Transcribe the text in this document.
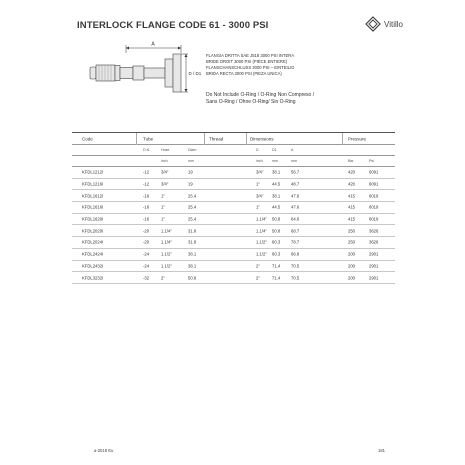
INTERLOCK FLANGE CODE 61 - 3000 PSI	Vitillo
A
D / D1
FLANGIA DRITTA SAE J518 3000 PSI INTERA
BRIDE DROIT 3000 PSI (PIÈCE ENTIERE)
FLANSCHANSCHLUSS 3000 PSI – EINTEILIG
BRIDA RECTA 3000 PSI (PIEZA UNICA)
Do Not Include O-Ring / O-Ring Non Compreso /
Sans O-Ring / Ohne O-Ring/ Sin O-Ring
Code	Tube	Thread	Dimensions	Pressure
D.N.	Hose	Diam	D	D1	A
inch	mm	inch	mm	mm	Bar	Psi
KFDL1212I	-12	3/4"	19	3/4" 38.1	56.7	420	6091
KFDL1216I	-12	3/4"	19	1"	44.5	48.7	420	6091
KFDL1612I	-16	1"	25.4	3/4" 38.1	47.6	415	6019
KFDL1616I	-16	1"	25.4	1"	44.5	47.6	415	6019
KFDL1620I	-16	1"	25.4	1.1/4" 50.8	64.6	415	6019
KFDL2020I	-20	1.1/4"	31.8	1.1/4" 50.8	68.7	250	3626
KFDL2024I	-20	1.1/4"	31.8	1.1/2" 60.3	78.7	250	3626
KFDL2424I	-24	1.1/2"	38.1	1.1/2" 60.3	66.8	200	2901
KFDL2432I	-24	1.1/2"	38.1	2"	71.4	70.5	200	2901
KFDL3232I	-32	2"	50.8	2"	71.4	70.5	200	2901
a-2018 Eu	181
